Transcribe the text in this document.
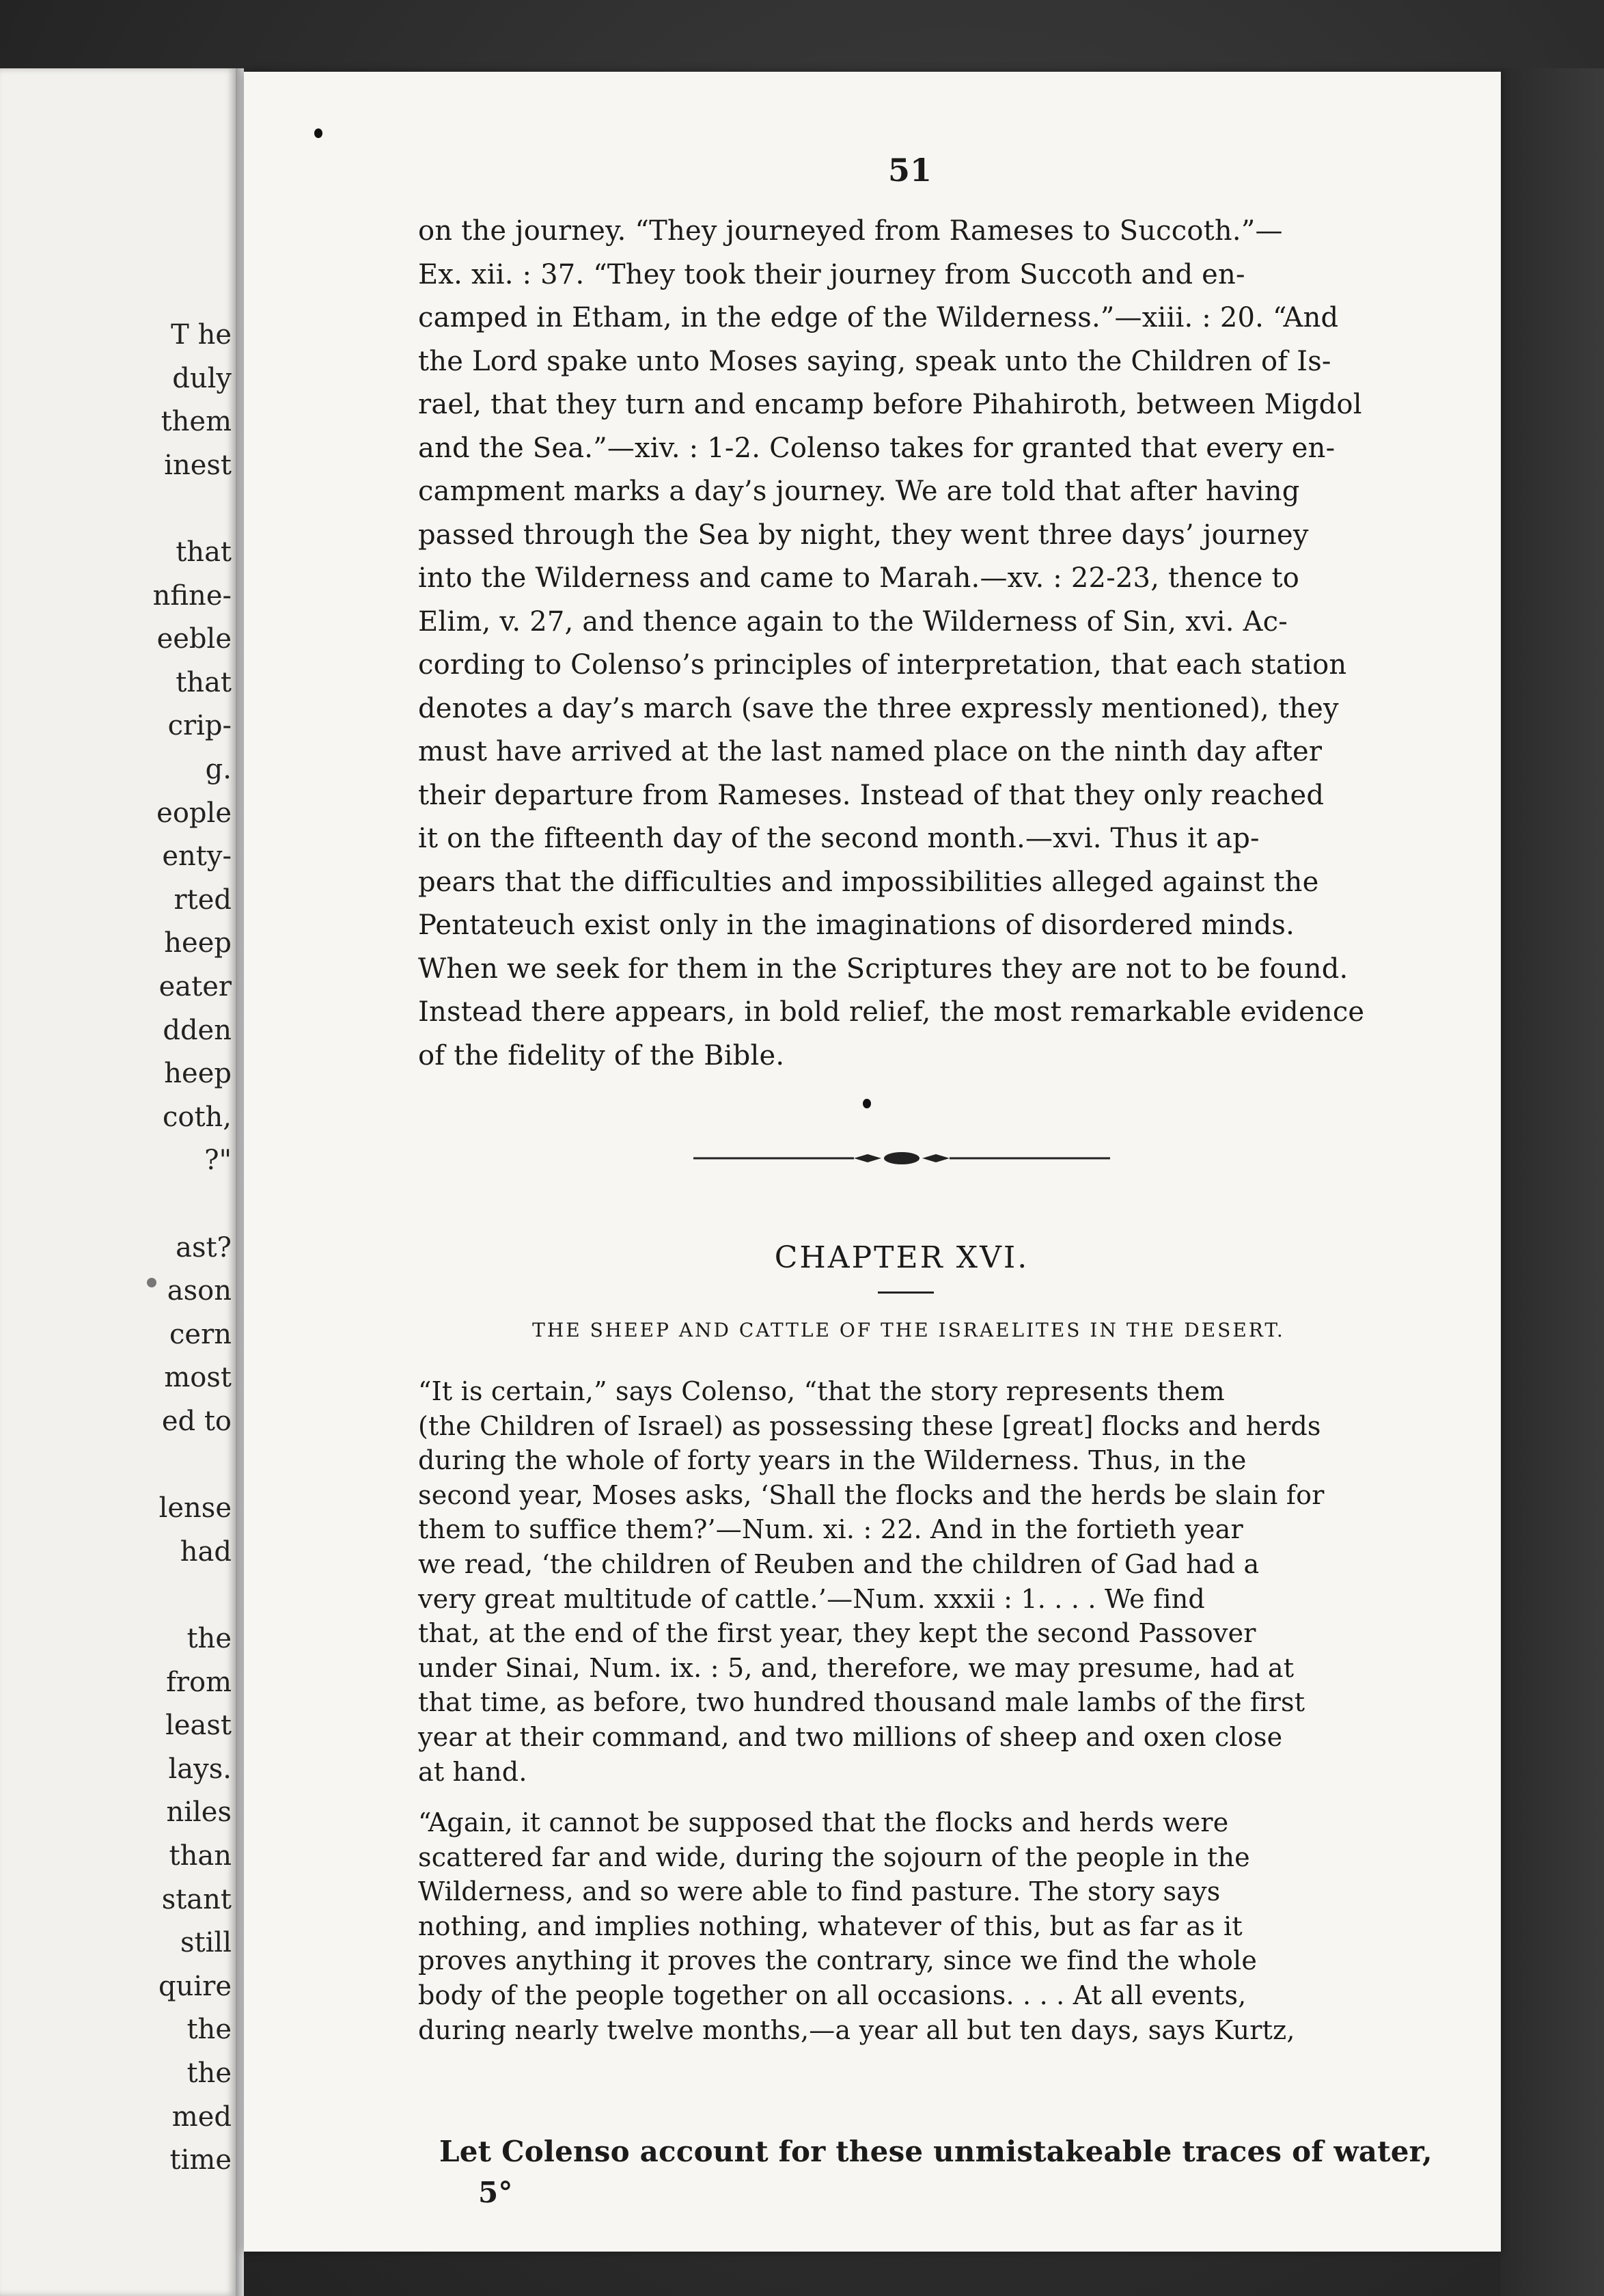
T he
duly
them
inest
that
nfine-
eeble
that
crip-
g.
eople
enty-
rted
heep
eater
dden
heep
coth,
?"
ast?
ason
cern
most
ed to
lense
had
the
from
least
lays.
niles
than
stant
still
quire
the
the
med
time
51
on the journey. “They journeyed from Rameses to Succoth.”—
Ex. xii. : 37. “They took their journey from Succoth and en-
camped in Etham, in the edge of the Wilderness.”—xiii. : 20. “And
the Lord spake unto Moses saying, speak unto the Children of Is-
rael, that they turn and encamp before Pihahiroth, between Migdol
and the Sea.”—xiv. : 1-2. Colenso takes for granted that every en-
campment marks a day’s journey. We are told that after having
passed through the Sea by night, they went three days’ journey
into the Wilderness and came to Marah.—xv. : 22-23, thence to
Elim, v. 27, and thence again to the Wilderness of Sin, xvi. Ac-
cording to Colenso’s principles of interpretation, that each station
denotes a day’s march (save the three expressly mentioned), they
must have arrived at the last named place on the ninth day after
their departure from Rameses. Instead of that they only reached
it on the fifteenth day of the second month.—xvi. Thus it ap-
pears that the difficulties and impossibilities alleged against the
Pentateuch exist only in the imaginations of disordered minds.
When we seek for them in the Scriptures they are not to be found.
Instead there appears, in bold relief, the most remarkable evidence
of the fidelity of the Bible.
CHAPTER XVI.
THE SHEEP AND CATTLE OF THE ISRAELITES IN THE DESERT.
“It is certain,” says Colenso, “that the story represents them
(the Children of Israel) as possessing these [great] flocks and herds
during the whole of forty years in the Wilderness. Thus, in the
second year, Moses asks, ‘Shall the flocks and the herds be slain for
them to suffice them?’—Num. xi. : 22. And in the fortieth year
we read, ‘the children of Reuben and the children of Gad had a
very great multitude of cattle.’—Num. xxxii : 1. . . . We find
that, at the end of the first year, they kept the second Passover
under Sinai, Num. ix. : 5, and, therefore, we may presume, had at
that time, as before, two hundred thousand male lambs of the first
year at their command, and two millions of sheep and oxen close
at hand.
“Again, it cannot be supposed that the flocks and herds were
scattered far and wide, during the sojourn of the people in the
Wilderness, and so were able to find pasture. The story says
nothing, and implies nothing, whatever of this, but as far as it
proves anything it proves the contrary, since we find the whole
body of the people together on all occasions. . . . At all events,
during nearly twelve months,—a year all but ten days, says Kurtz,
Let Colenso account for these unmistakeable traces of water,
5°
